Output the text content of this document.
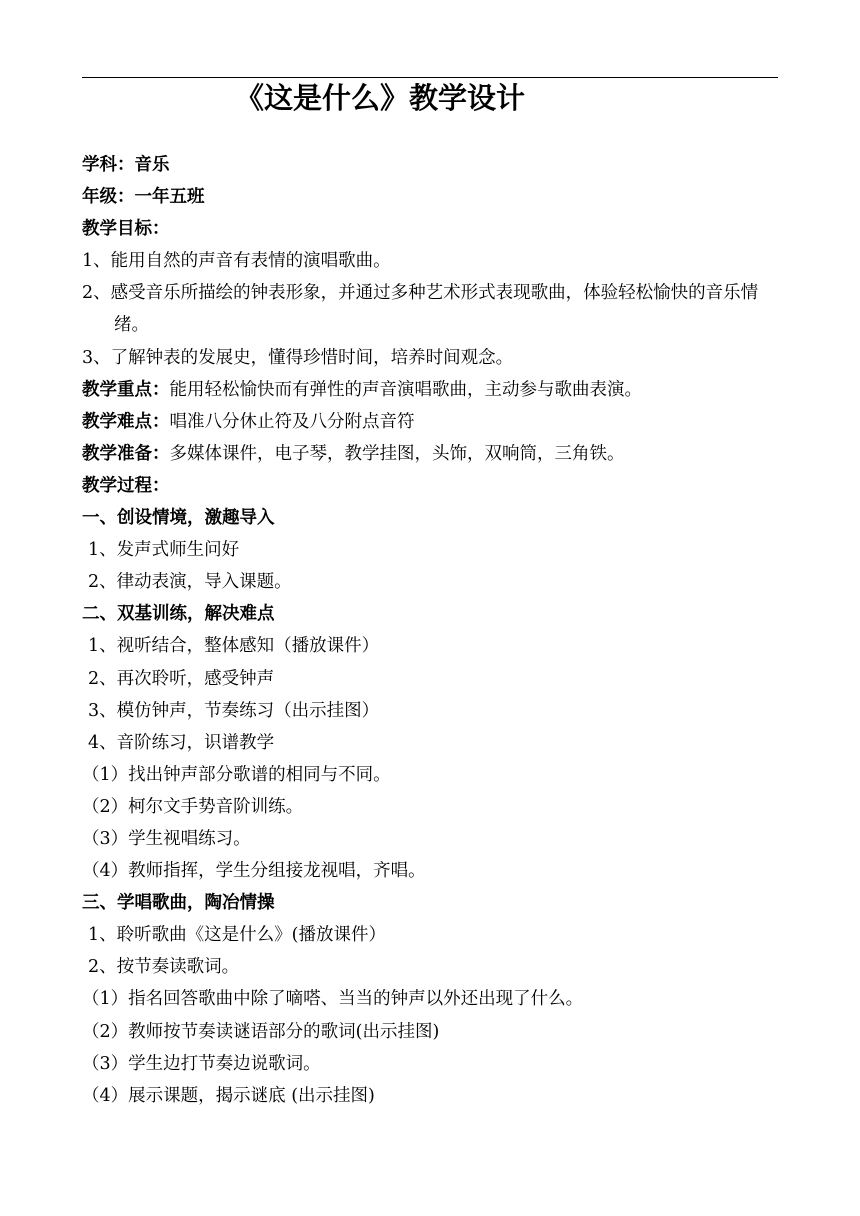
《这是什么》教学设计
学科：音乐
年级：一年五班
教学目标：
1、能用自然的声音有表情的演唱歌曲。
2、感受音乐所描绘的钟表形象，并通过多种艺术形式表现歌曲，体验轻松愉快的音乐情绪。
3、了解钟表的发展史，懂得珍惜时间，培养时间观念。
教学重点：能用轻松愉快而有弹性的声音演唱歌曲，主动参与歌曲表演。
教学难点：唱准八分休止符及八分附点音符
教学准备：多媒体课件，电子琴，教学挂图，头饰，双响筒，三角铁。
教学过程：
一、创设情境，激趣导入
1、发声式师生问好
2、律动表演，导入课题。
二、双基训练，解决难点
1、视听结合，整体感知（播放课件）
2、再次聆听，感受钟声
3、模仿钟声，节奏练习（出示挂图）
4、音阶练习，识谱教学
（1）找出钟声部分歌谱的相同与不同。
（2）柯尔文手势音阶训练。
（3）学生视唱练习。
（4）教师指挥，学生分组接龙视唱，齐唱。
三、学唱歌曲，陶冶情操
1、聆听歌曲《这是什么》(播放课件）
2、按节奏读歌词。
（1）指名回答歌曲中除了嘀嗒、当当的钟声以外还出现了什么。
（2）教师按节奏读谜语部分的歌词(出示挂图)
（3）学生边打节奏边说歌词。
（4）展示课题，揭示谜底 (出示挂图)
